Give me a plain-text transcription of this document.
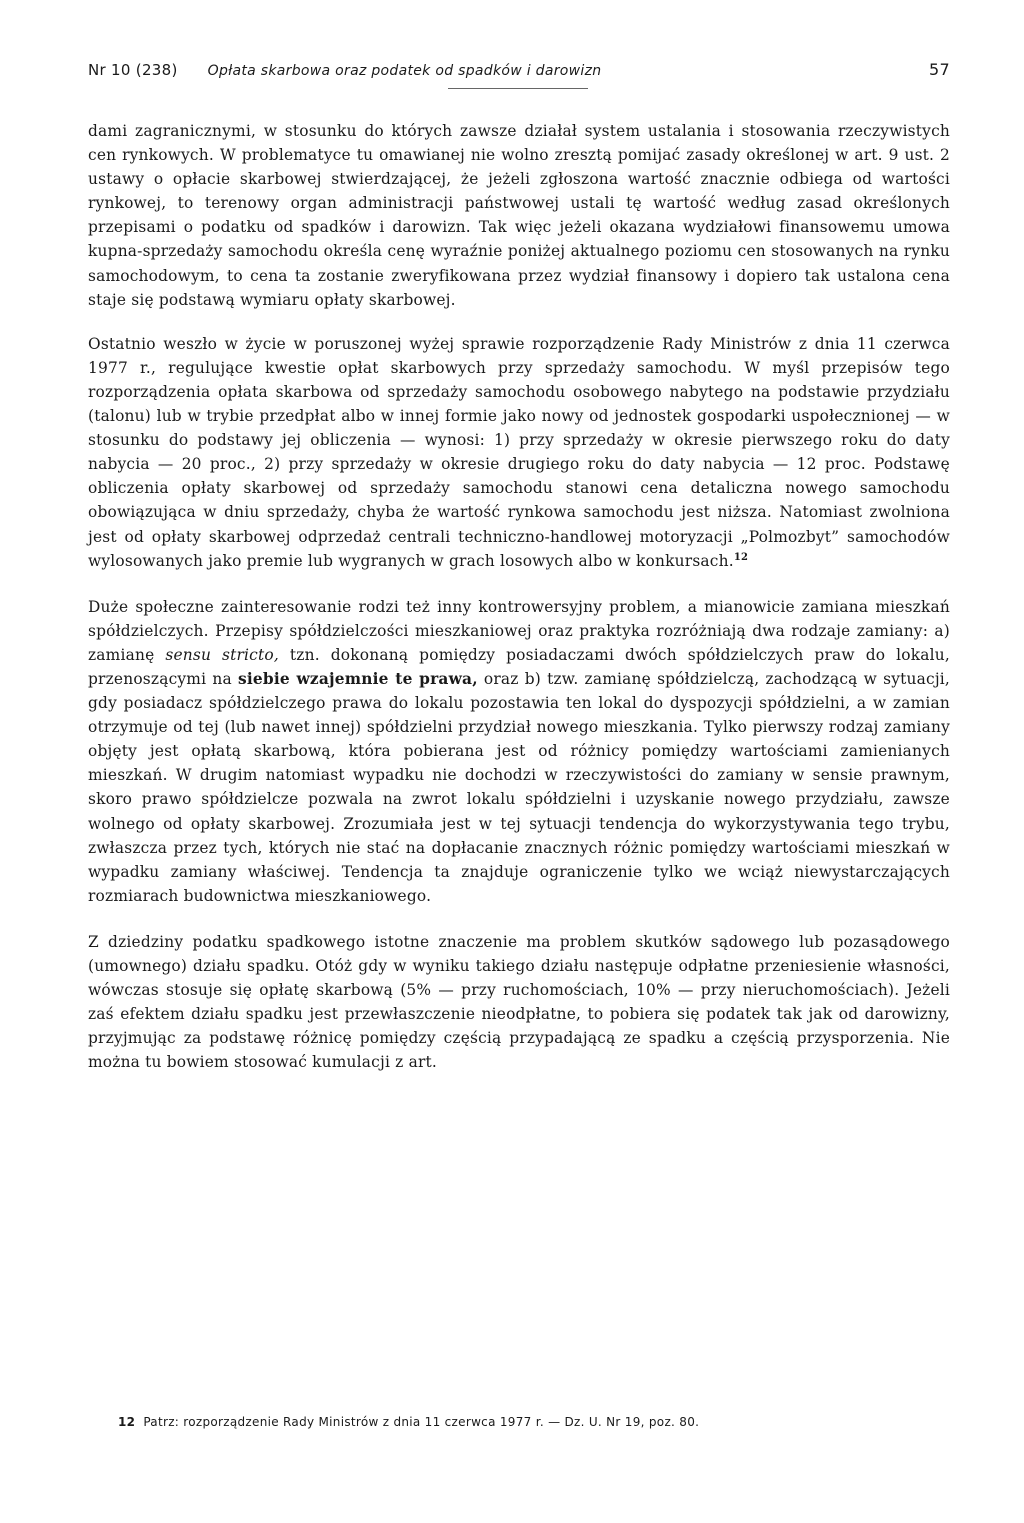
Nr 10 (238) Opłata skarbowa oraz podatek od spadków i darowizn	57

dami zagranicznymi, w stosunku do których zawsze działał system ustalania i stosowania rzeczywistych cen rynkowych. W problematyce tu omawianej nie wolno zresztą pomijać zasady określonej w art. 9 ust. 2 ustawy o opłacie skarbowej stwierdzającej, że jeżeli zgłoszona wartość znacznie odbiega od wartości rynkowej, to terenowy organ administracji państwowej ustali tę wartość według zasad określonych przepisami o podatku od spadków i darowizn. Tak więc jeżeli okazana wydziałowi finansowemu umowa kupna-sprzedaży samochodu określa cenę wyraźnie poniżej aktualnego poziomu cen stosowanych na rynku samochodowym, to cena ta zostanie zweryfikowana przez wydział finansowy i dopiero tak ustalona cena staje się podstawą wymiaru opłaty skarbowej.

Ostatnio weszło w życie w poruszonej wyżej sprawie rozporządzenie Rady Ministrów z dnia 11 czerwca 1977 r., regulujące kwestie opłat skarbowych przy sprzedaży samochodu. W myśl przepisów tego rozporządzenia opłata skarbowa od sprzedaży samochodu osobowego nabytego na podstawie przydziału (talonu) lub w trybie przedpłat albo w innej formie jako nowy od jednostek gospodarki uspołecznionej — w stosunku do podstawy jej obliczenia — wynosi: 1) przy sprzedaży w okresie pierwszego roku do daty nabycia — 20 proc., 2) przy sprzedaży w okresie drugiego roku do daty nabycia — 12 proc. Podstawę obliczenia opłaty skarbowej od sprzedaży samochodu stanowi cena detaliczna nowego samochodu obowiązująca w dniu sprzedaży, chyba że wartość rynkowa samochodu jest niższa. Natomiast zwolniona jest od opłaty skarbowej odprzedaż centrali techniczno-handlowej motoryzacji „Polmozbyt” samochodów wylosowanych jako premie lub wygranych w grach losowych albo w konkursach.$^{12}$

Duże społeczne zainteresowanie rodzi też inny kontrowersyjny problem, a mianowicie zamiana mieszkań spółdzielczych. Przepisy spółdzielczości mieszkaniowej oraz praktyka rozróżniają dwa rodzaje zamiany: a) zamianę sensu stricto, tzn. dokonaną pomiędzy posiadaczami dwóch spółdzielczych praw do lokalu, przenoszącymi na siebie wzajemnie te prawa, oraz b) tzw. zamianę spółdzielczą, zachodzącą w sytuacji, gdy posiadacz spółdzielczego prawa do lokalu pozostawia ten lokal do dyspozycji spółdzielni, a w zamian otrzymuje od tej (lub nawet innej) spółdzielni przydział nowego mieszkania. Tylko pierwszy rodzaj zamiany objęty jest opłatą skarbową, która pobierana jest od różnicy pomiędzy wartościami zamienianych mieszkań. W drugim natomiast wypadku nie dochodzi w rzeczywistości do zamiany w sensie prawnym, skoro prawo spółdzielcze pozwala na zwrot lokalu spółdzielni i uzyskanie nowego przydziału, zawsze wolnego od opłaty skarbowej. Zrozumiała jest w tej sytuacji tendencja do wykorzystywania tego trybu, zwłaszcza przez tych, których nie stać na dopłacanie znacznych różnic pomiędzy wartościami mieszkań w wypadku zamiany właściwej. Tendencja ta znajduje ograniczenie tylko we wciąż niewystarczających rozmiarach budownictwa mieszkaniowego.

Z dziedziny podatku spadkowego istotne znaczenie ma problem skutków sądowego lub pozasądowego (umownego) działu spadku. Otóż gdy w wyniku takiego działu następuje odpłatne przeniesienie własności, wówczas stosuje się opłatę skarbową (5% — przy ruchomościach, 10% — przy nieruchomościach). Jeżeli zaś efektem działu spadku jest przewłaszczenie nieodpłatne, to pobiera się podatek tak jak od darowizny, przyjmując za podstawę różnicę pomiędzy częścią przypadającą ze spadku a częścią przysporzenia. Nie można tu bowiem stosować kumulacji z art.

12 Patrz: rozporządzenie Rady Ministrów z dnia 11 czerwca 1977 r. — Dz. U. Nr 19, poz. 80.
